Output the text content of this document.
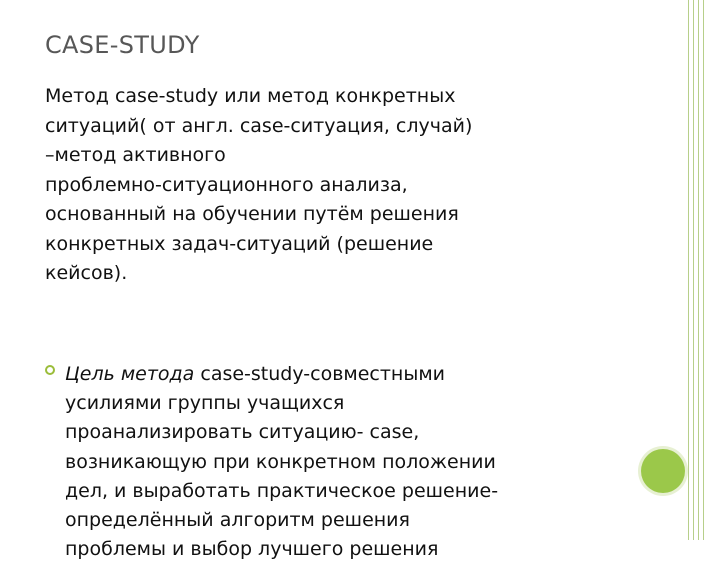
CASE-STUDY

Метод case-study или метод конкретных
ситуаций( от англ. case-ситуация, случай)
–метод активного
проблемно-ситуационного анализа,
основанный на обучении путём решения
конкретных задач-ситуаций (решение
кейсов).

Цель метода case-study-совместными
усилиями группы учащихся
проанализировать ситуацию- case,
возникающую при конкретном положении
дел, и выработать практическое решение-
определённый алгоритм решения
проблемы и выбор лучшего решения
